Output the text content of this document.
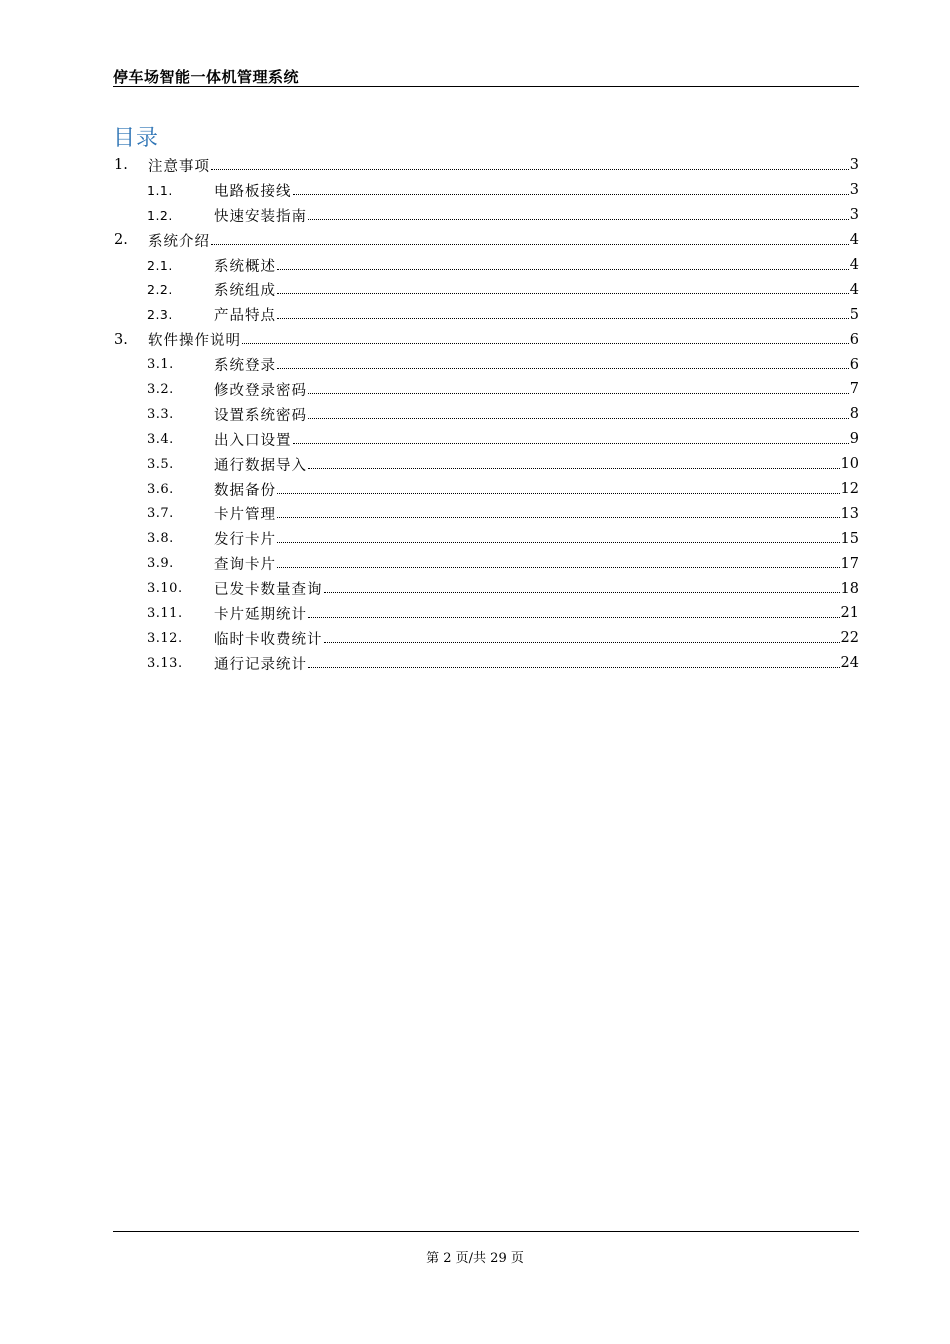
停车场智能一体机管理系统
目录
1.	注意事项	3
1.1.	电路板接线	3
1.2.	快速安装指南	3
2.	系统介绍	4
2.1.	系统概述	4
2.2.	系统组成	4
2.3.	产品特点	5
3.	软件操作说明	6
3.1.	系统登录	6
3.2.	修改登录密码	7
3.3.	设置系统密码	8
3.4.	出入口设置	9
3.5.	通行数据导入	10
3.6.	数据备份	12
3.7.	卡片管理	13
3.8.	发行卡片	15
3.9.	查询卡片	17
3.10.	已发卡数量查询	18
3.11.	卡片延期统计	21
3.12.	临时卡收费统计	22
3.13.	通行记录统计	24
第 2 页/共 29 页
